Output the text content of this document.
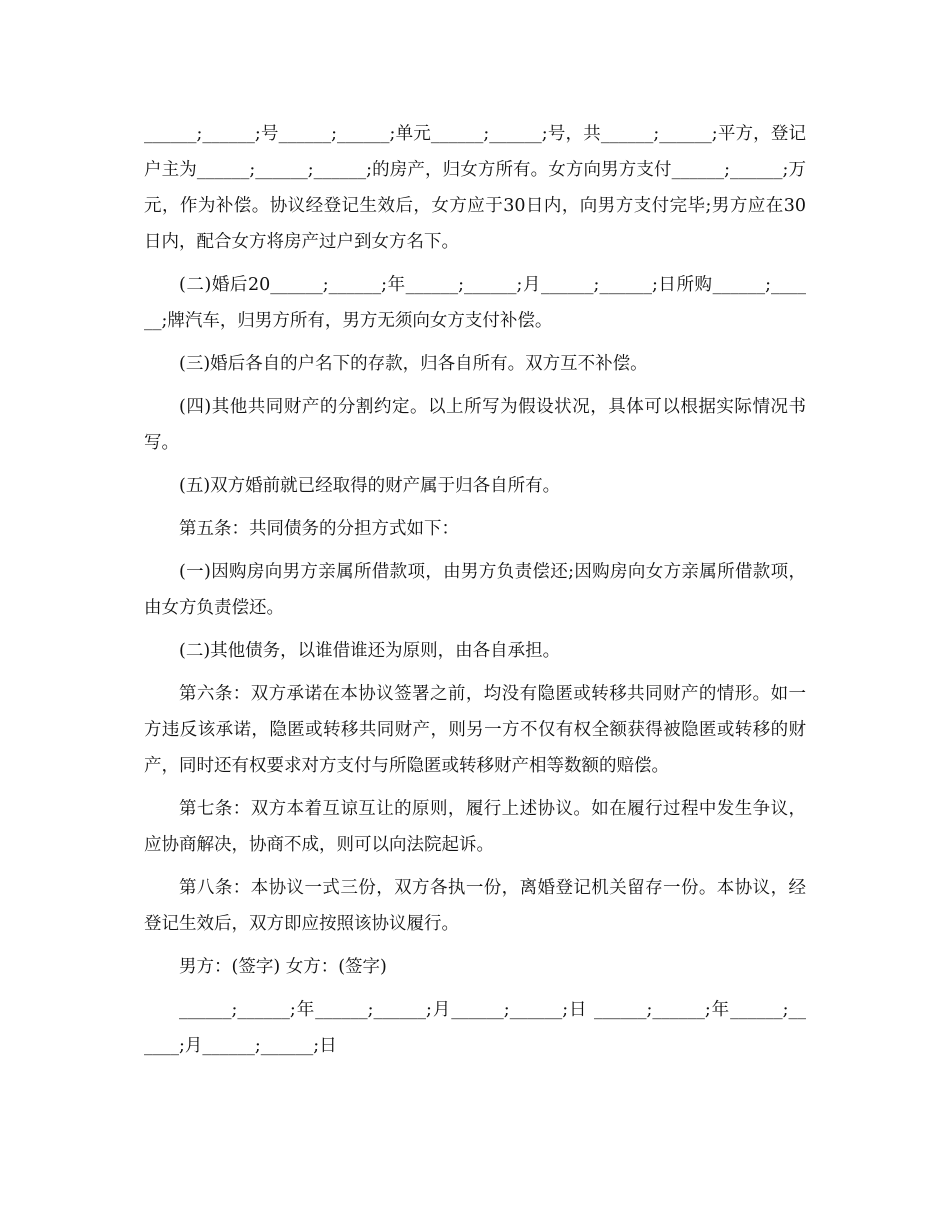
______;______;号______;______;单元______;______;号，共______;______;平方，登记户主为______;______;______;的房产，归女方所有。女方向男方支付______;______;万元，作为补偿。协议经登记生效后，女方应于30日内，向男方支付完毕;男方应在30日内，配合女方将房产过户到女方名下。

(二)婚后20______;______;年______;______;月______;______;日所购______;______;牌汽车，归男方所有，男方无须向女方支付补偿。

(三)婚后各自的户名下的存款，归各自所有。双方互不补偿。

(四)其他共同财产的分割约定。以上所写为假设状况，具体可以根据实际情况书写。

(五)双方婚前就已经取得的财产属于归各自所有。

第五条：共同债务的分担方式如下：

(一)因购房向男方亲属所借款项，由男方负责偿还;因购房向女方亲属所借款项，由女方负责偿还。

(二)其他债务，以谁借谁还为原则，由各自承担。

第六条：双方承诺在本协议签署之前，均没有隐匿或转移共同财产的情形。如一方违反该承诺，隐匿或转移共同财产，则另一方不仅有权全额获得被隐匿或转移的财产，同时还有权要求对方支付与所隐匿或转移财产相等数额的赔偿。

第七条：双方本着互谅互让的原则，履行上述协议。如在履行过程中发生争议，应协商解决，协商不成，则可以向法院起诉。

第八条：本协议一式三份，双方各执一份，离婚登记机关留存一份。本协议，经登记生效后，双方即应按照该协议履行。

男方：(签字) 女方：(签字)

______;______;年______;______;月______;______;日 ______;______;年______;______;月______;______;日
